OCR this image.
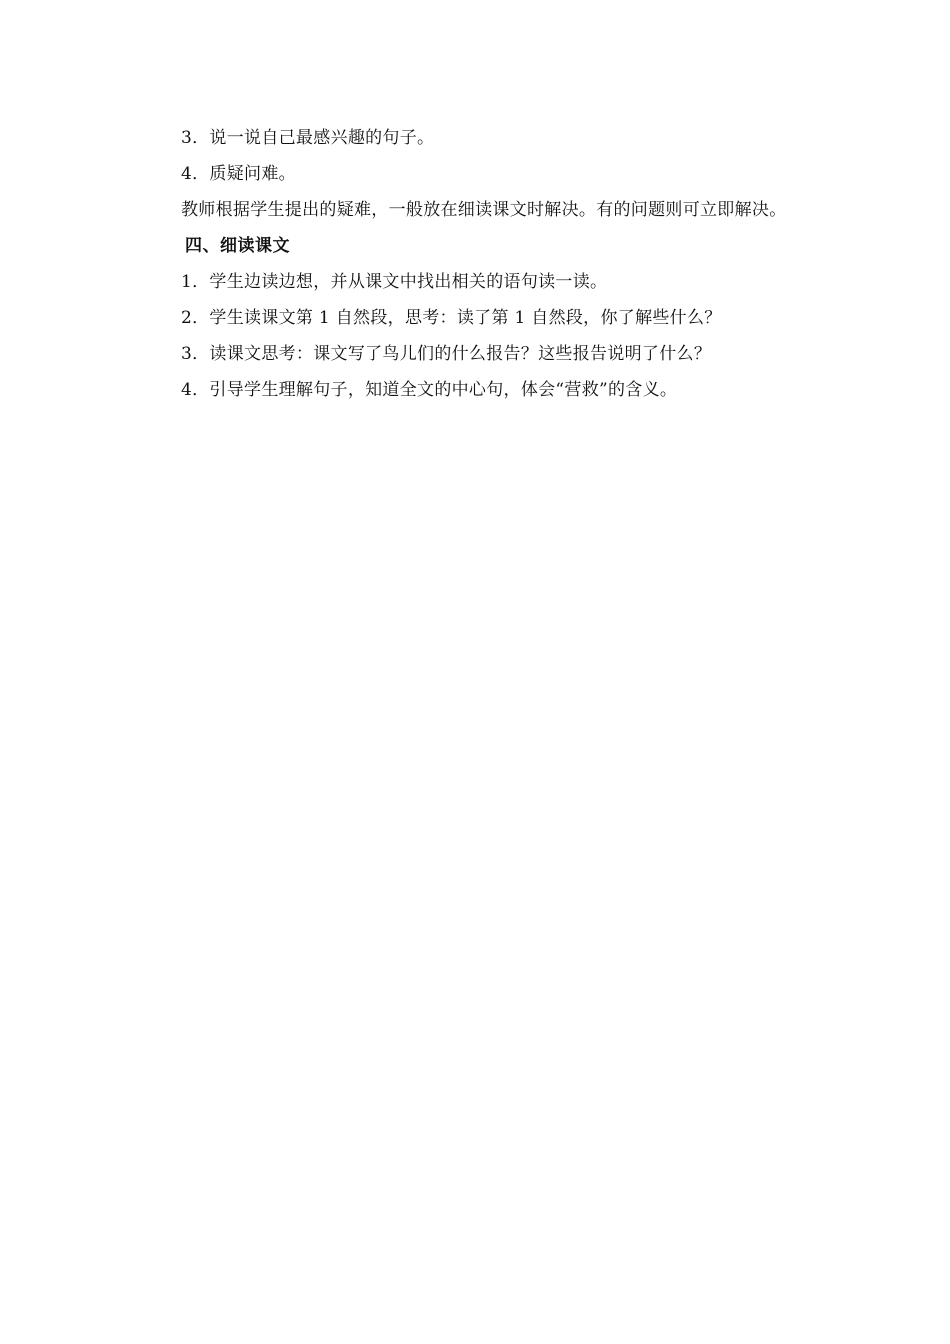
3．说一说自己最感兴趣的句子。

4．质疑问难。

教师根据学生提出的疑难，一般放在细读课文时解决。有的问题则可立即解决。

四、细读课文

1．学生边读边想，并从课文中找出相关的语句读一读。

2．学生读课文第 1 自然段，思考：读了第 1 自然段，你了解些什么？

3．读课文思考：课文写了鸟儿们的什么报告？这些报告说明了什么？

4．引导学生理解句子，知道全文的中心句，体会“营救”的含义。
